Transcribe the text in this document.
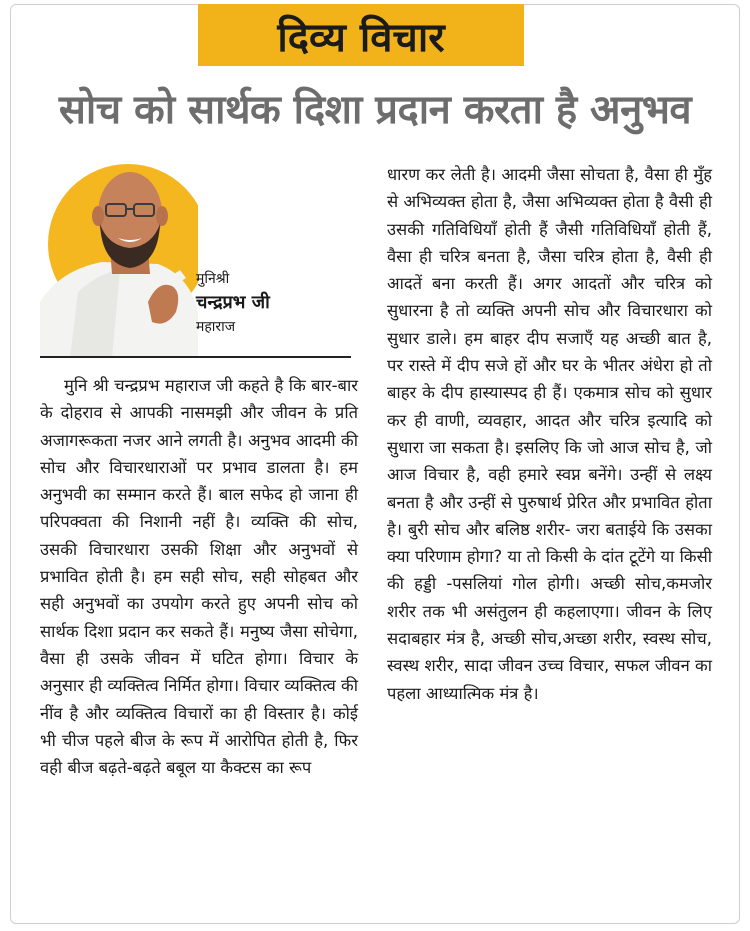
दिव्य विचार
सोच को सार्थक दिशा प्रदान करता है अनुभव
मुनिश्री
चन्द्रप्रभ जी
महाराज

मुनि श्री चन्द्रप्रभ महाराज जी कहते है कि बार-बार के दोहराव से आपकी नासमझी और जीवन के प्रति अजागरूकता नजर आने लगती है। अनुभव आदमी की सोच और विचारधाराओं पर प्रभाव डालता है। हम अनुभवी का सम्मान करते हैं। बाल सफेद हो जाना ही परिपक्वता की निशानी नहीं है। व्यक्ति की सोच, उसकी विचारधारा उसकी शिक्षा और अनुभवों से प्रभावित होती है। हम सही सोच, सही सोहबत और सही अनुभवों का उपयोग करते हुए अपनी सोच को सार्थक दिशा प्रदान कर सकते हैं। मनुष्य जैसा सोचेगा, वैसा ही उसके जीवन में घटित होगा। विचार के अनुसार ही व्यक्तित्व निर्मित होगा। विचार व्यक्तित्व की नींव है और व्यक्तित्व विचारों का ही विस्तार है। कोई भी चीज पहले बीज के रूप में आरोपित होती है, फिर वही बीज बढ़ते-बढ़ते बबूल या कैक्टस का रूप

धारण कर लेती है। आदमी जैसा सोचता है, वैसा ही मुँह से अभिव्यक्त होता है, जैसा अभिव्यक्त होता है वैसी ही उसकी गतिविधियाँ होती हैं जैसी गतिविधियाँ होती हैं, वैसा ही चरित्र बनता है, जैसा चरित्र होता है, वैसी ही आदतें बना करती हैं। अगर आदतों और चरित्र को सुधारना है तो व्यक्ति अपनी सोच और विचारधारा को सुधार डाले। हम बाहर दीप सजाएँ यह अच्छी बात है, पर रास्ते में दीप सजे हों और घर के भीतर अंधेरा हो तो बाहर के दीप हास्यास्पद ही हैं। एकमात्र सोच को सुधार कर ही वाणी, व्यवहार, आदत और चरित्र इत्यादि को सुधारा जा सकता है। इसलिए कि जो आज सोच है, जो आज विचार है, वही हमारे स्वप्न बनेंगे। उन्हीं से लक्ष्य बनता है और उन्हीं से पुरुषार्थ प्रेरित और प्रभावित होता है। बुरी सोच और बलिष्ठ शरीर- जरा बताईये कि उसका क्या परिणाम होगा? या तो किसी के दांत टूटेंगे या किसी की हड्डी -पसलियां गोल होगी। अच्छी सोच,कमजोर शरीर तक भी असंतुलन ही कहलाएगा। जीवन के लिए सदाबहार मंत्र है, अच्छी सोच,अच्छा शरीर, स्वस्थ सोच, स्वस्थ शरीर, सादा जीवन उच्च विचार, सफल जीवन का पहला आध्यात्मिक मंत्र है।
